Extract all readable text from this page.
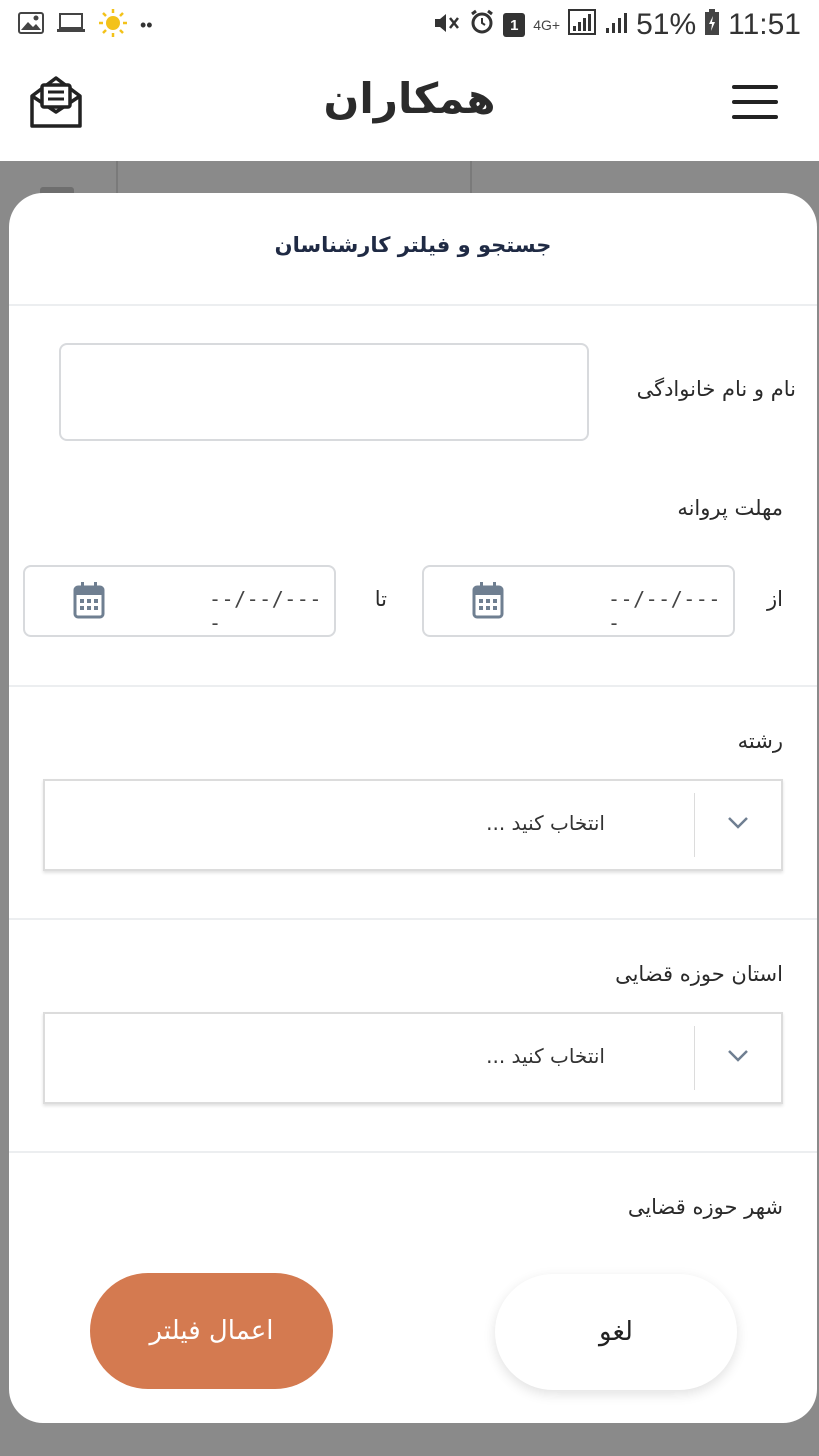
••	1 4G+	51% 11:51
همکاران
جستجو و فیلتر کارشناسان
نام و نام خانوادگی
مهلت پروانه
از
--/--/----
تا
--/--/----
رشته
انتخاب کنید ...
استان حوزه قضایی
انتخاب کنید ...
شهر حوزه قضایی
لغو
اعمال فیلتر
